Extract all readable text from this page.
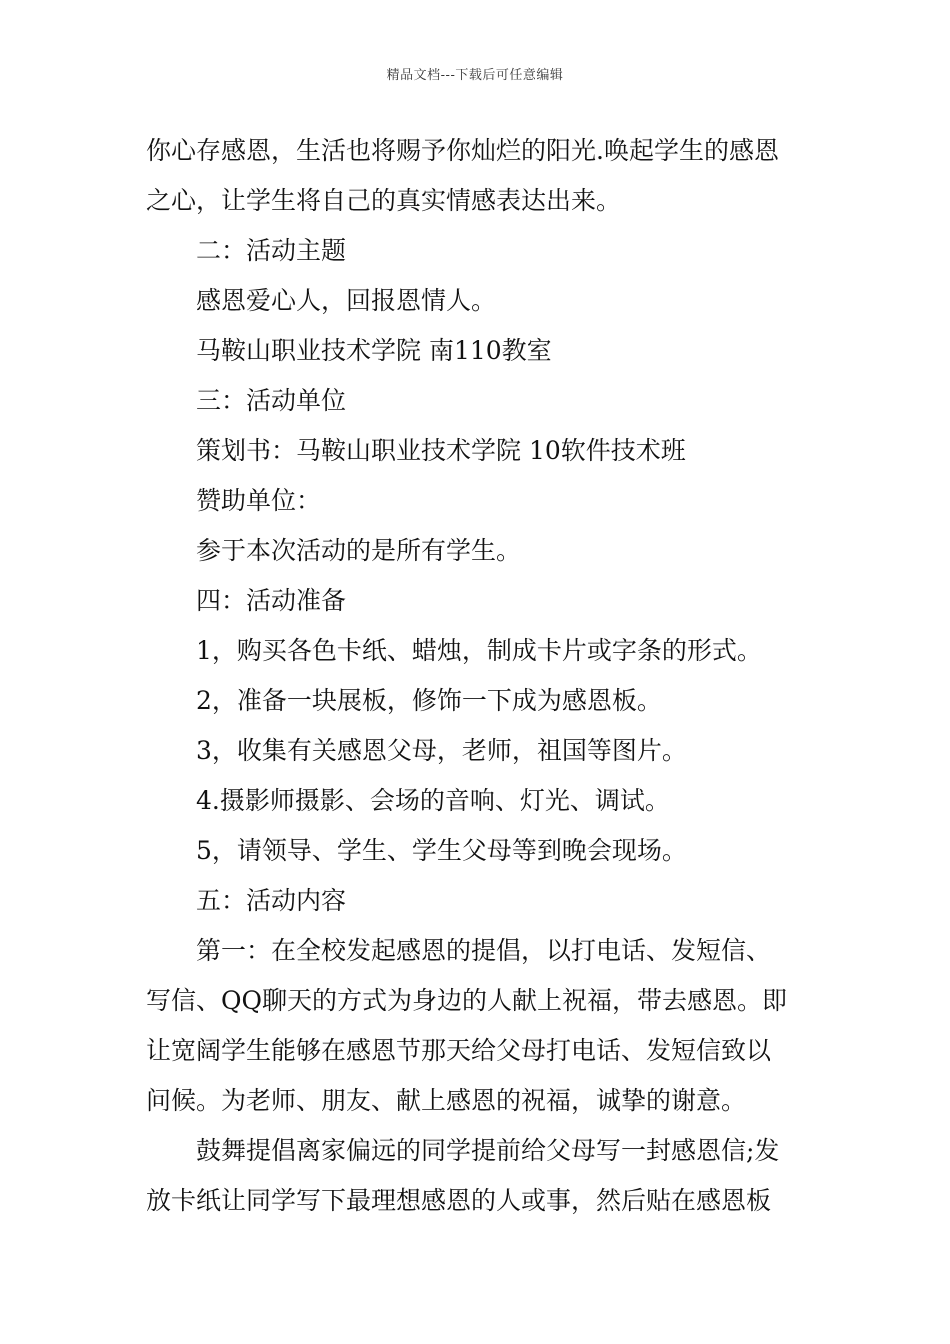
精品文档---下载后可任意编辑
你心存感恩，生活也将赐予你灿烂的阳光.唤起学生的感恩
之心，让学生将自己的真实情感表达出来。
二：活动主题
感恩爱心人，回报恩情人。
马鞍山职业技术学院 南110教室
三：活动单位
策划书：马鞍山职业技术学院 10软件技术班
赞助单位：
参于本次活动的是所有学生。
四：活动准备
1，购买各色卡纸、蜡烛，制成卡片或字条的形式。
2，准备一块展板，修饰一下成为感恩板。
3，收集有关感恩父母，老师，祖国等图片。
4.摄影师摄影、会场的音响、灯光、调试。
5，请领导、学生、学生父母等到晚会现场。
五：活动内容
第一：在全校发起感恩的提倡，以打电话、发短信、
写信、QQ聊天的方式为身边的人献上祝福，带去感恩。即
让宽阔学生能够在感恩节那天给父母打电话、发短信致以
问候。为老师、朋友、献上感恩的祝福，诚挚的谢意。
鼓舞提倡离家偏远的同学提前给父母写一封感恩信;发
放卡纸让同学写下最理想感恩的人或事，然后贴在感恩板
